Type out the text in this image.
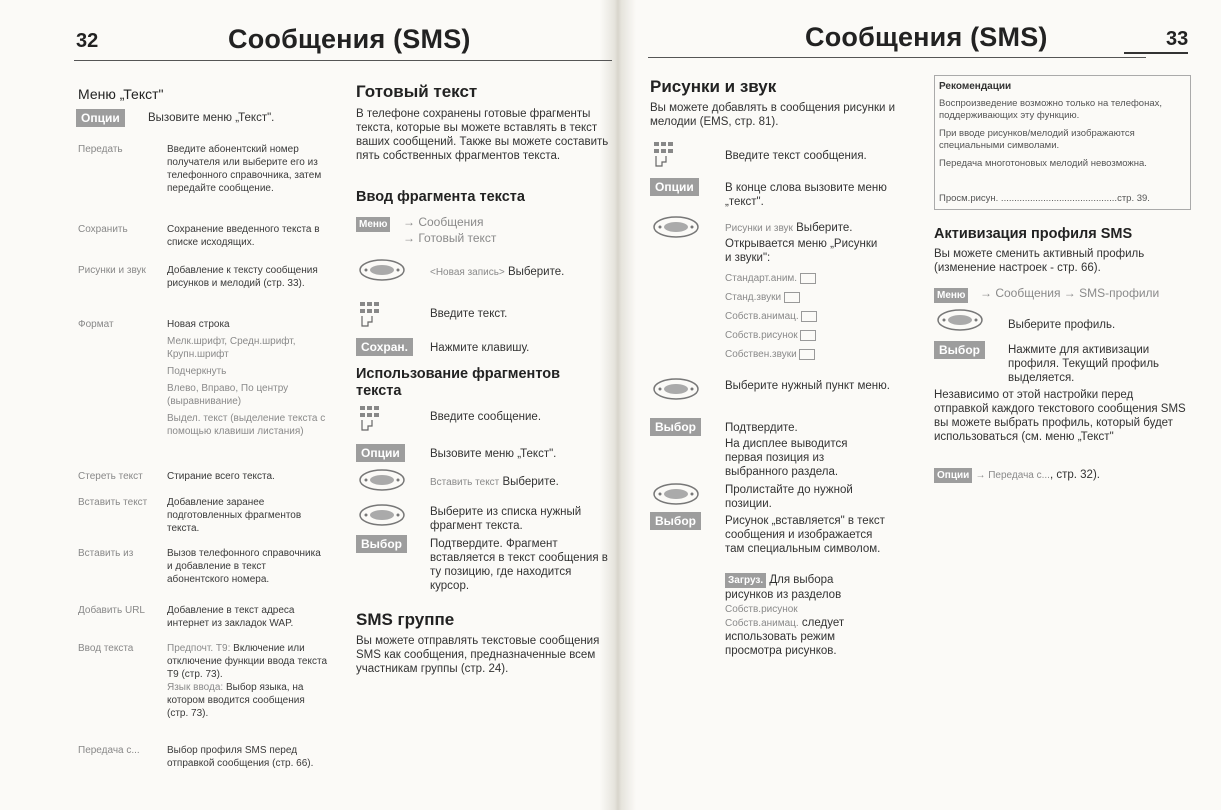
32	Сообщения (SMS)
Меню „Текст"
Опции	Вызовите меню „Текст".
Передать	Введите абонентский номер получателя или выберите его из телефонного справочника, затем передайте сообщение.
Сохранить	Сохранение введенного текста в списке исходящих.
Рисунки и звук	Добавление к тексту сообщения рисунков и мелодий (стр. 33).
Формат	Новая строка
Мелк.шрифт, Средн.шрифт, Крупн.шрифт
Подчеркнуть
Влево, Вправо, По центру (выравнивание)
Выдел. текст (выделение текста с помощью клавиши листания)
Стереть текст	Стирание всего текста.
Вставить текст	Добавление заранее подготовленных фрагментов текста.
Вставить из	Вызов телефонного справочника и добавление в текст абонентского номера.
Добавить URL	Добавление в текст адреса интернет из закладок WAP.
Ввод текста	Предпочт. T9: Включение или отключение функции ввода текста T9 (стр. 73).
Язык ввода: Выбор языка, на котором вводится сообщения (стр. 73).
Передача с...	Выбор профиля SMS перед отправкой сообщения (стр. 66).
Готовый текст
В телефоне сохранены готовые фрагменты текста, которые вы можете вставлять в текст ваших сообщений. Также вы можете составить пять собственных фрагментов текста.
Ввод фрагмента текста
Меню → Сообщения
→ Готовый текст
<Новая запись> Выберите.
Введите текст.
Сохран.	Нажмите клавишу.
Использование фрагментов текста
Введите сообщение.
Опции	Вызовите меню „Текст".
Вставить текст Выберите.
Выберите из списка нужный фрагмент текста.
Выбор	Подтвердите. Фрагмент вставляется в текст сообщения в ту позицию, где находится курсор.
SMS группе
Вы можете отправлять текстовые сообщения SMS как сообщения, предназначенные всем участникам группы (стр. 24).
Сообщения (SMS)	33
Рисунки и звук
Вы можете добавлять в сообщения рисунки и мелодии (EMS, стр. 81).
Введите текст сообщения.
Опции	В конце слова вызовите меню „текст".
Рисунки и звук Выберите.
Открывается меню „Рисунки и звуки":
Стандарт.аним.
Станд.звуки
Собств.анимац.
Собств.рисунок
Собствен.звуки
Выберите нужный пункт меню.
Выбор	Подтвердите.
На дисплее выводится первая позиция из выбранного раздела.
Пролистайте до нужной позиции.
Выбор	Рисунок „вставляется" в текст сообщения и изображается там специальным символом.
Загруз. Для выбора рисунков из разделов
Собств.рисунок
Собств.анимац. следует использовать режим просмотра рисунков.
Рекомендации
Воспроизведение возможно только на телефонах, поддерживающих эту функцию.
При вводе рисунков/мелодий изображаются специальными символами.
Передача многотоновых мелодий невозможна.
Просм.рисун. ............................................стр. 39.
Активизация профиля SMS
Вы можете сменить активный профиль (изменение настроек - стр. 66).
Меню → Сообщения → SMS-профили
Выберите профиль.
Выбор	Нажмите для активизации профиля. Текущий профиль выделяется.
Независимо от этой настройки перед отправкой каждого текстового сообщения SMS вы можете выбрать профиль, который будет использоваться (см. меню „Текст"
Опции → Передача с..., стр. 32).
